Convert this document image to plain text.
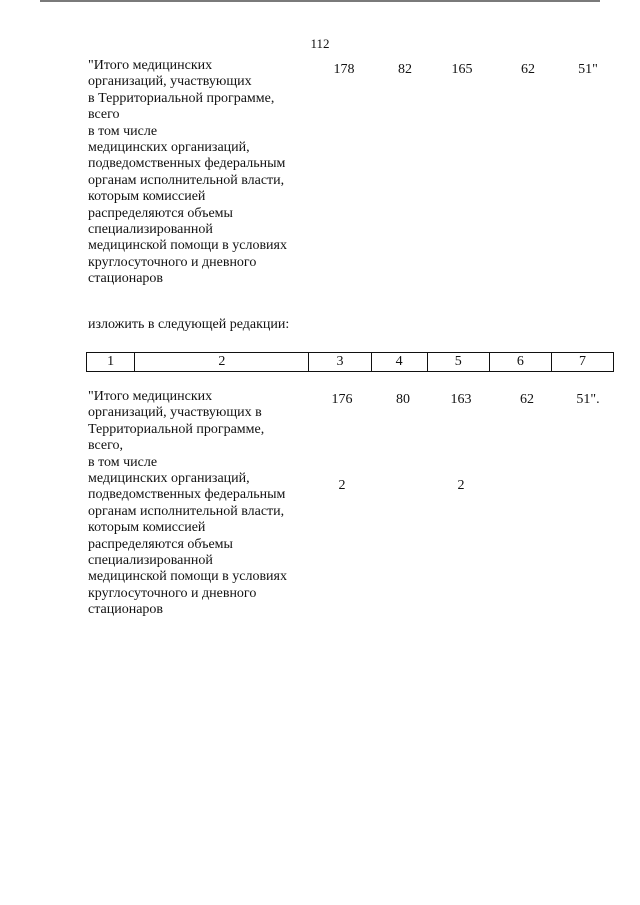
112
"Итого медицинских
организаций, участвующих
в Территориальной программе,
всего
в том числе
медицинских организаций,
подведомственных федеральным
органам исполнительной власти,
которым комиссией
распределяются объемы
специализированной
медицинской помощи в условиях
круглосуточного и дневного
стационаров
178	82	165	62	51"
изложить в следующей редакции:
1	2	3	4	5	6	7
"Итого медицинских
организаций, участвующих в
Территориальной программе,
всего,
в том числе
медицинских организаций,
подведомственных федеральным
органам исполнительной власти,
которым комиссией
распределяются объемы
специализированной
медицинской помощи в условиях
круглосуточного и дневного
стационаров
176	80	163	62	51".
2	2
